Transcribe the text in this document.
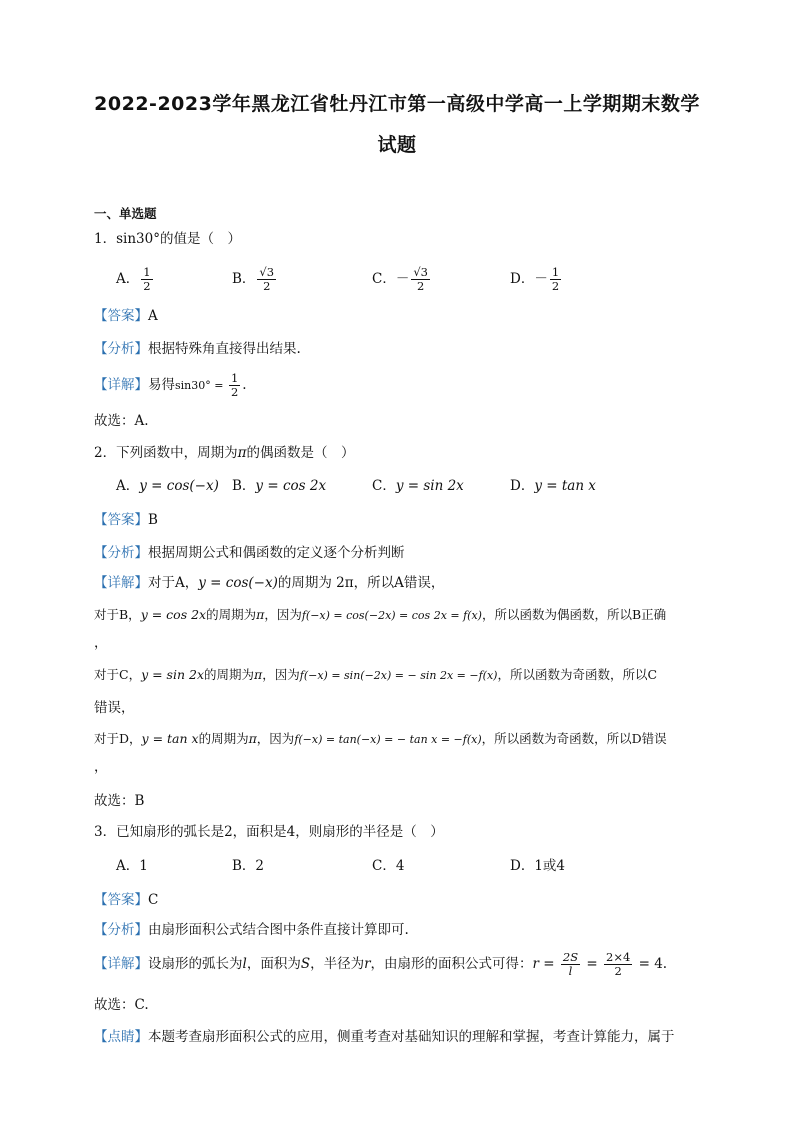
2022-2023学年黑龙江省牡丹江市第一高级中学高一上学期期末数学
试题
一、单选题
1．sin30°的值是（　）
A． $\frac{1}{2}$	B． $\frac{√3}{2}$	C．－ $\frac{√3}{2}$	D．－ $\frac{1}{2}$
【答案】A
【分析】根据特殊角直接得出结果.
【详解】易得$\sin 30^\circ = \frac{1}{2}$ .
故选：A.
2．下列函数中，周期为π的偶函数是（　）
A．y = cos(−x) B．y = cos 2x	C．y = sin 2x	D．y = tan x
【答案】B
【分析】根据周期公式和偶函数的定义逐个分析判断
【详解】对于A，y = cos(−x)的周期为 2π，所以A错误，
对于B，y = cos 2x的周期为π，因为f(−x) = cos(−2x) = cos 2x = f(x)，所以函数为偶函数，所以B正确
，
对于C，y = sin 2x的周期为π，因为f(−x) = sin(−2x) = − sin 2x = −f(x)，所以函数为奇函数，所以C
错误，
对于D，y = tan x的周期为π，因为f(−x) = tan(−x) = − tan x = −f(x)，所以函数为奇函数，所以D错误
，
故选：B
3．已知扇形的弧长是2，面积是4，则扇形的半径是（　）
A．1	B．2	C．4	D．1或4
【答案】C
【分析】由扇形面积公式结合图中条件直接计算即可.
【详解】设扇形的弧长为l，面积为S，半径为r，由扇形的面积公式可得：$r = \frac{2S}{l} = \frac{2\times 4}{2} = 4$.
故选：C.
【点睛】本题考查扇形面积公式的应用，侧重考查对基础知识的理解和掌握，考查计算能力，属于
